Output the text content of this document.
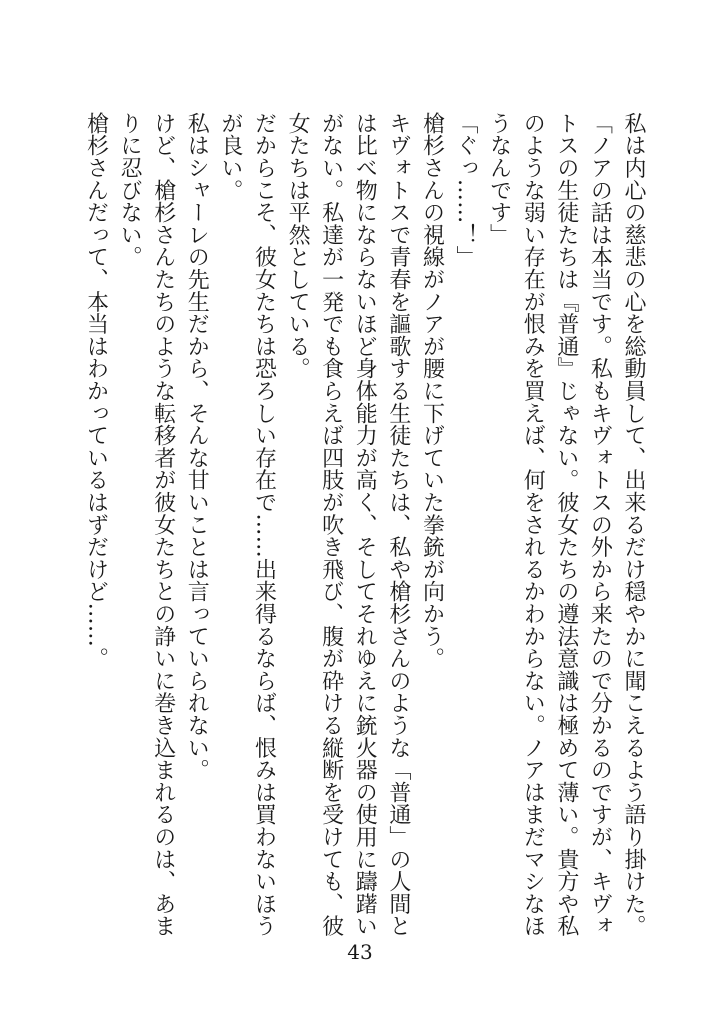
私は内心の慈悲の心を総動員して、出来るだけ穏やかに聞こえるよう語り掛けた。

「ノアの話は本当です。私もキヴォトスの外から来たので分かるのですが、キヴォトスの生徒たちは『普通』じゃない。彼女たちの遵法意識は極めて薄い。貴方や私のような弱い存在が恨みを買えば、何をされるかわからない。ノアはまだマシなほうなんです」

「ぐっ……！」

槍杉さんの視線がノアが腰に下げていた拳銃が向かう。

キヴォトスで青春を謳歌する生徒たちは、私や槍杉さんのような「普通」の人間とは比べ物にならないほど身体能力が高く、そしてそれゆえに銃火器の使用に躊躇いがない。私達が一発でも食らえば四肢が吹き飛び、腹が砕ける縦断を受けても、彼女たちは平然としている。

だからこそ、彼女たちは恐ろしい存在で……出来得るならば、恨みは買わないほうが良い。

私はシャーレの先生だから、そんな甘いことは言っていられない。

けど、槍杉さんたちのような転移者が彼女たちとの諍いに巻き込まれるのは、あまりに忍びない。

槍杉さんだって、本当はわかっているはずだけど……。

43
